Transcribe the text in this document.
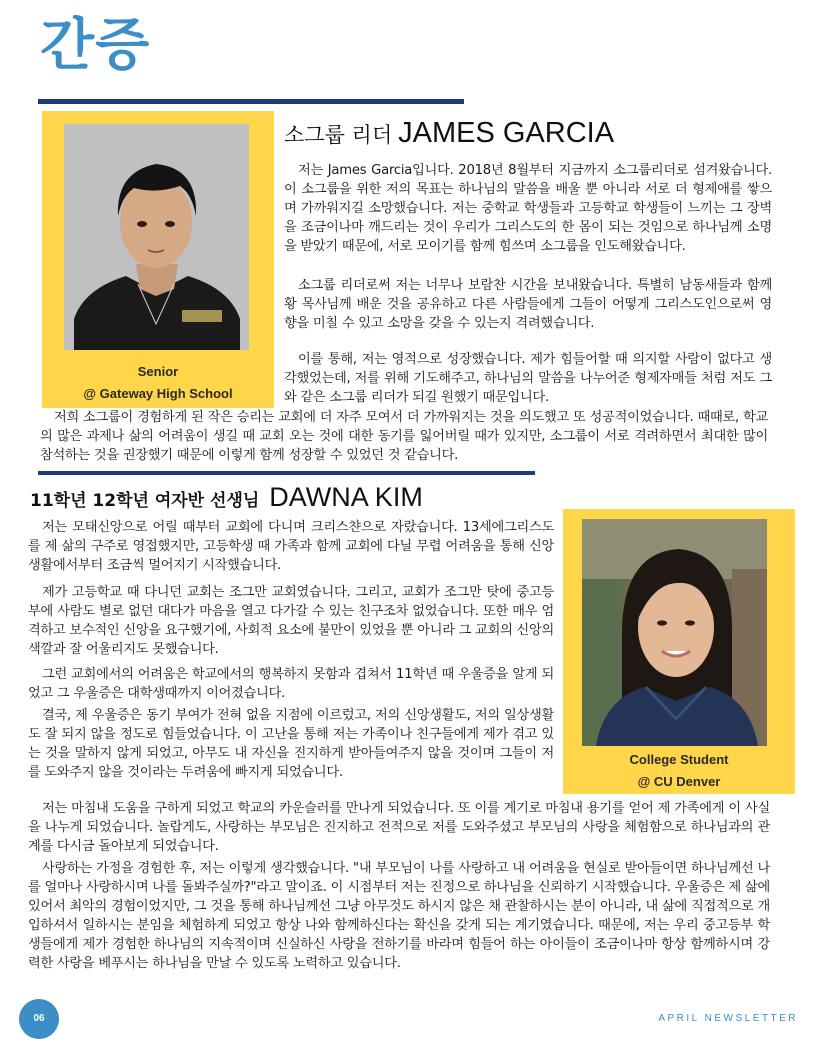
간증
Senior
@ Gateway High School
소그룹 리더 JAMES GARCIA

저는 James Garcia입니다. 2018년 8월부터 지금까지 소그룹리더로 섬겨왔습니다. 이 소그룹을 위한 저의 목표는 하나님의 말씀을 배울 뿐 아니라 서로 더 형제애를 쌓으며 가까워지길 소망했습니다. 저는 중학교 학생들과 고등학교 학생들이 느끼는 그 장벽을 조금이나마 깨드리는 것이 우리가 그리스도의 한 몸이 되는 것임으로 하나님께 소명을 받았기 때문에, 서로 모이기를 함께 힘쓰며 소그룹을 인도해왔습니다.

소그룹 리더로써 저는 너무나 보람찬 시간을 보내왔습니다. 특별히 남동새들과 함께 황 목사님께 배운 것을 공유하고 다른 사람들에게 그들이 어떻게 그리스도인으로써 영향을 미칠 수 있고 소망을 갖을 수 있는지 격려했습니다.

이를 통해, 저는 영적으로 성장했습니다. 제가 힘들어할 때 의지할 사람이 없다고 생각했었는데, 저를 위해 기도해주고, 하나님의 말씀을 나누어준 형제자매들 처럼 저도 그와 같은 소그룹 리더가 되길 원했기 때문입니다.

저희 소그룹이 경험하게 된 작은 승리는 교회에 더 자주 모여서 더 가까워지는 것을 의도했고 또 성공적이었습니다. 때때로, 학교의 많은 과제나 삶의 어려움이 생길 때 교회 오는 것에 대한 동기를 잃어버릴 때가 있지만, 소그룹이 서로 격려하면서 최대한 많이 참석하는 것을 권장했기 때문에 이렇게 함께 성장할 수 있었던 것 같습니다.

11학년 12학년 여자반 선생님 DAWNA KIM
College Student
@ CU Denver

저는 모태신앙으로 어릴 때부터 교회에 다니며 크리스챤으로 자랐습니다. 13세에그리스도를 제 삶의 구주로 영접했지만, 고등학생 때 가족과 함께 교회에 다닐 무렵 어려움을 통해 신앙 생활에서부터 조금씩 멀어지기 시작했습니다.

제가 고등학교 때 다니던 교회는 조그만 교회였습니다. 그리고, 교회가 조그만 탓에 중고등부에 사람도 별로 없던 대다가 마음을 열고 다가갈 수 있는 친구조차 없었습니다. 또한 매우 엄격하고 보수적인 신앙을 요구했기에, 사회적 요소에 불만이 있었을 뿐 아니라 그 교회의 신앙의 색깔과 잘 어울리지도 못했습니다.

그런 교회에서의 어려움은 학교에서의 행복하지 못함과 겹쳐서 11학년 때 우울증을 알게 되었고 그 우울증은 대학생때까지 이어졌습니다.

결국, 제 우울증은 동기 부여가 전혀 없을 지점에 이르렀고, 저의 신앙생활도, 저의 일상생활도 잘 되지 않을 정도로 힘들었습니다. 이 고난을 통해 저는 가족이나 친구들에게 제가 겪고 있는 것을 말하지 않게 되었고, 아무도 내 자신을 진지하게 받아들여주지 않을 것이며 그들이 저를 도와주지 않을 것이라는 두려움에 빠지게 되었습니다.

저는 마침내 도움을 구하게 되었고 학교의 카운슬러를 만나게 되었습니다. 또 이를 계기로 마침내 용기를 얻어 제 가족에게 이 사실을 나누게 되었습니다. 놀랍게도, 사랑하는 부모님은 진지하고 전적으로 저를 도와주셨고 부모님의 사랑을 체험함으로 하나님과의 관계를 다시금 돌아보게 되었습니다.

사랑하는 가정을 경험한 후, 저는 이렇게 생각했습니다. "내 부모님이 나를 사랑하고 내 어려움을 현실로 받아들이면 하나님께선 나를 얼마나 사랑하시며 나를 돌봐주실까?"라고 말이죠. 이 시점부터 저는 진정으로 하나님을 신뢰하기 시작했습니다. 우울증은 제 삶에 있어서 최악의 경험이었지만, 그 것을 통해 하나님께선 그냥 아무것도 하시지 않은 채 관찰하시는 분이 아니라, 내 삶에 직접적으로 개입하셔서 일하시는 분임을 체험하게 되었고 항상 나와 함께하신다는 확신을 갖게 되는 계기였습니다. 때문에, 저는 우리 중고등부 학생들에게 제가 경험한 하나님의 지속적이며 신실하신 사랑을 전하기를 바라며 힘들어 하는 아이들이 조금이나마 항상 함께하시며 강력한 사랑을 베푸시는 하나님을 만날 수 있도록 노력하고 있습니다.

06	APRIL NEWSLETTER
